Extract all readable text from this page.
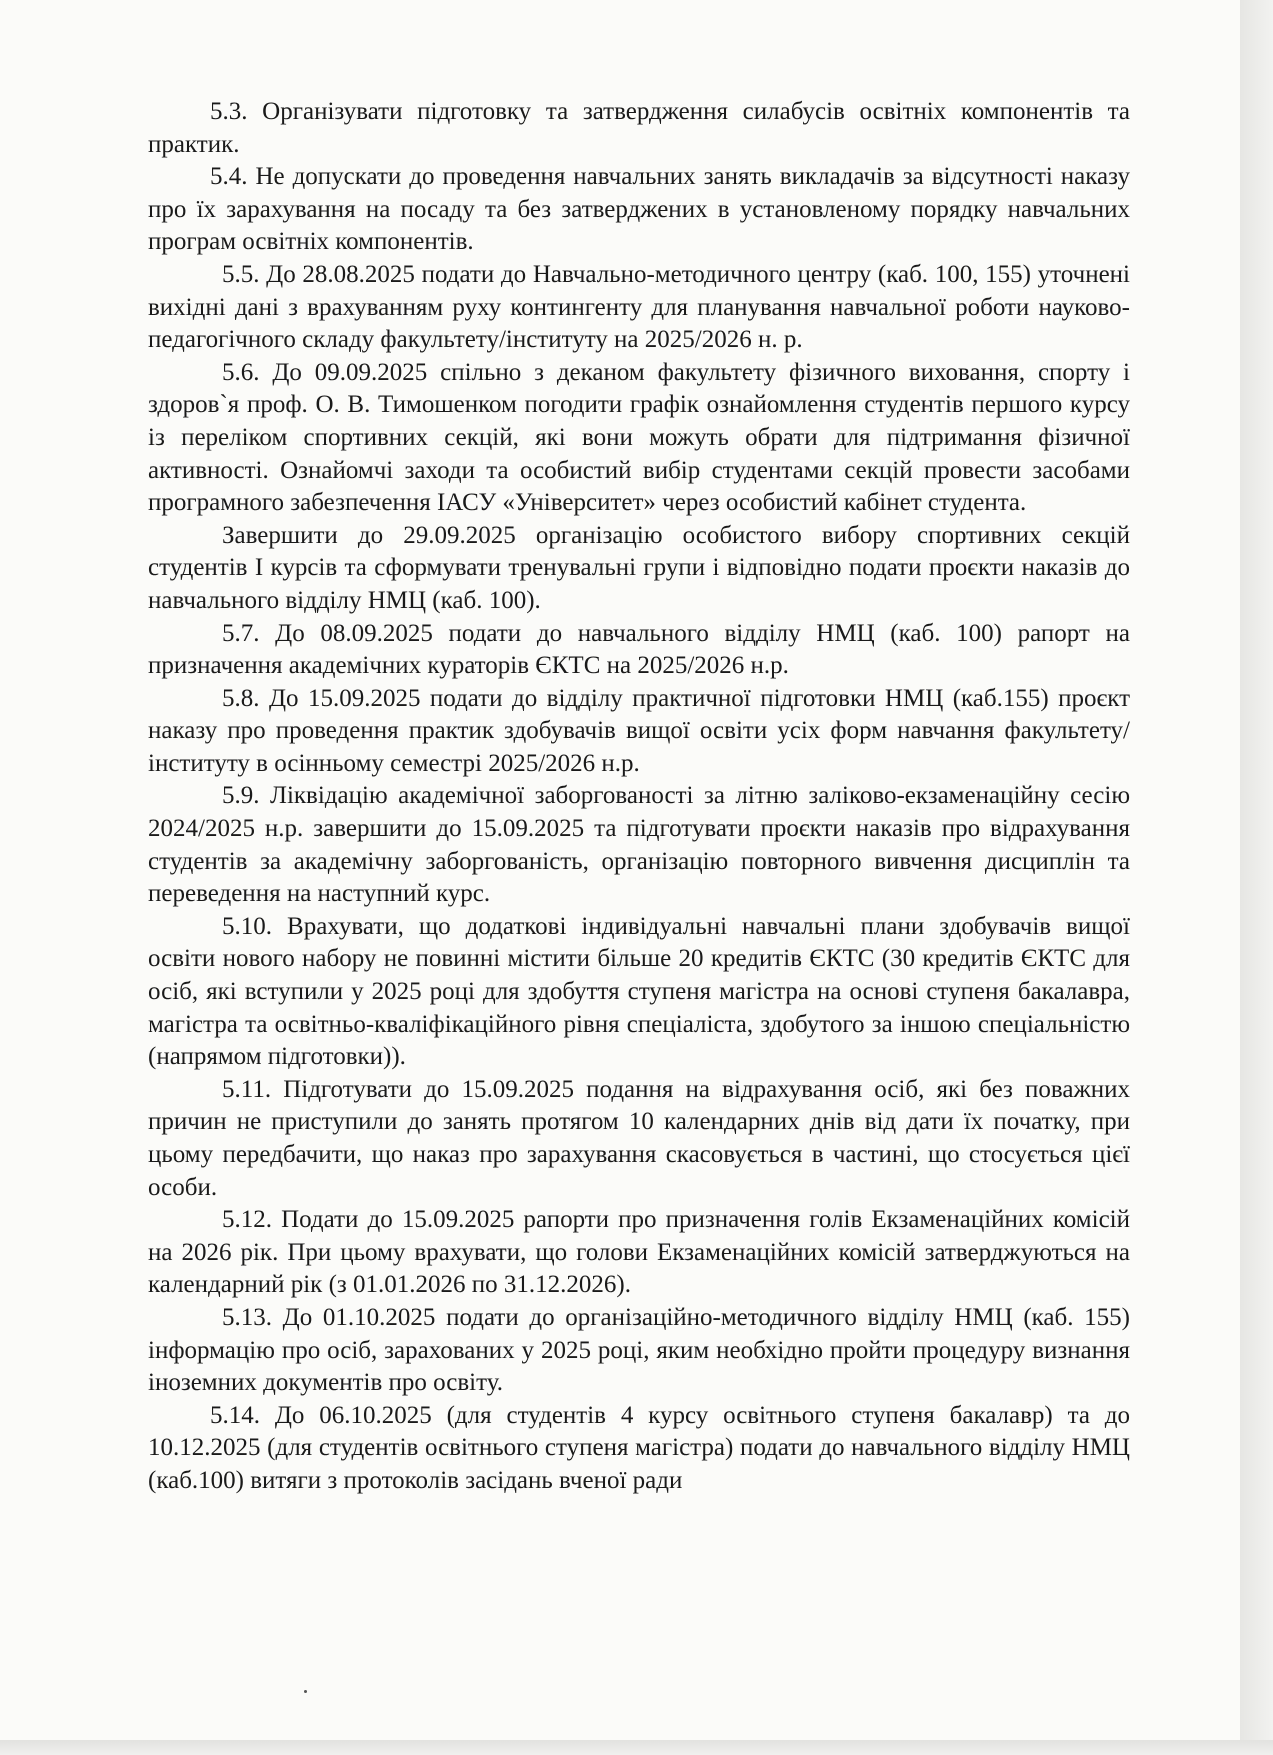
5.3. Організувати підготовку та затвердження силабусів освітніх компонентів та практик.

5.4. Не допускати до проведення навчальних занять викладачів за відсутності наказу про їх зарахування на посаду та без затверджених в установленому порядку навчальних програм освітніх компонентів.

5.5. До 28.08.2025 подати до Навчально-методичного центру (каб. 100, 155) уточнені вихідні дані з врахуванням руху контингенту для планування навчальної роботи науково-педагогічного складу факультету/інституту на 2025/2026 н. р.

5.6. До 09.09.2025 спільно з деканом факультету фізичного виховання, спорту і здоров`я проф. О. В. Тимошенком погодити графік ознайомлення студентів першого курсу із переліком спортивних секцій, які вони можуть обрати для підтримання фізичної активності. Ознайомчі заходи та особистий вибір студентами секцій провести засобами програмного забезпечення ІАСУ «Університет» через особистий кабінет студента.

Завершити до 29.09.2025 організацію особистого вибору спортивних секцій студентів І курсів та сформувати тренувальні групи і відповідно подати проєкти наказів до навчального відділу НМЦ (каб. 100).

5.7. До 08.09.2025 подати до навчального відділу НМЦ (каб. 100) рапорт на призначення академічних кураторів ЄКТС на 2025/2026 н.р.

5.8. До 15.09.2025 подати до відділу практичної підготовки НМЦ (каб.155) проєкт наказу про проведення практик здобувачів вищої освіти усіх форм навчання факультету/інституту в осінньому семестрі 2025/2026 н.р.

5.9. Ліквідацію академічної заборгованості за літню заліково-екзаменаційну сесію 2024/2025 н.р. завершити до 15.09.2025 та підготувати проєкти наказів про відрахування студентів за академічну заборгованість, організацію повторного вивчення дисциплін та переведення на наступний курс.

5.10. Врахувати, що додаткові індивідуальні навчальні плани здобувачів вищої освіти нового набору не повинні містити більше 20 кредитів ЄКТС (30 кредитів ЄКТС для осіб, які вступили у 2025 році для здобуття ступеня магістра на основі ступеня бакалавра, магістра та освітньо-кваліфікаційного рівня спеціаліста, здобутого за іншою спеціальністю (напрямом підготовки)).

5.11. Підготувати до 15.09.2025 подання на відрахування осіб, які без поважних причин не приступили до занять протягом 10 календарних днів від дати їх початку, при цьому передбачити, що наказ про зарахування скасовується в частині, що стосується цієї особи.

5.12. Подати до 15.09.2025 рапорти про призначення голів Екзаменаційних комісій на 2026 рік. При цьому врахувати, що голови Екзаменаційних комісій затверджуються на календарний рік (з 01.01.2026 по 31.12.2026).

5.13. До 01.10.2025 подати до організаційно-методичного відділу НМЦ (каб. 155) інформацію про осіб, зарахованих у 2025 році, яким необхідно пройти процедуру визнання іноземних документів про освіту.

5.14. До 06.10.2025 (для студентів 4 курсу освітнього ступеня бакалавр) та до 10.12.2025 (для студентів освітнього ступеня магістра) подати до навчального відділу НМЦ (каб.100) витяги з протоколів засідань вченої ради
